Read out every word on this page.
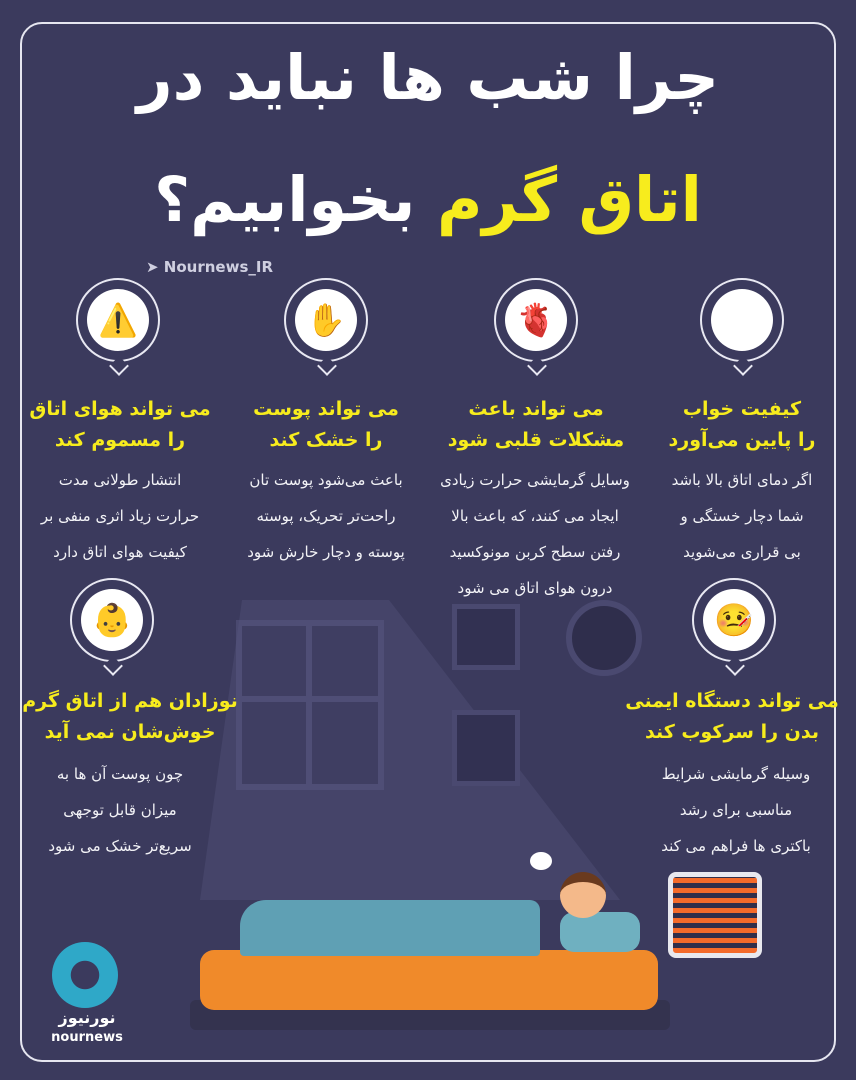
چرا شب ها نباید در
اتاق گرم بخوابیم؟
➤ Nournews_IR
😴
🫀
✋
⚠️
🤒
👶
کیفیت خواب
را پایین می‌آورد
اگر دمای اتاق بالا باشد
شما دچار خستگی و
بی قراری می‌شوید
می تواند باعث
مشکلات قلبی شود
وسایل گرمایشی حرارت زیادی
ایجاد می کنند، که باعث بالا
رفتن سطح کربن مونوکسید
درون هوای اتاق می شود
می تواند پوست
را خشک کند
باعث می‌شود پوست تان
راحت‌تر تحریک، پوسته
پوسته و دچار خارش شود
می تواند هوای اتاق
را مسموم کند
انتشار طولانی مدت
حرارت زیاد اثری منفی بر
کیفیت هوای اتاق دارد
می تواند دستگاه ایمنی
بدن را سرکوب کند
وسیله گرمایشی شرایط
مناسبی برای رشد
باکتری ها فراهم می کند
نوزادان هم از اتاق گرم
خوش‌شان نمی آید
چون پوست آن ها به
میزان قابل توجهی
سریع‌تر خشک می شود
نورنیوز
nournews
